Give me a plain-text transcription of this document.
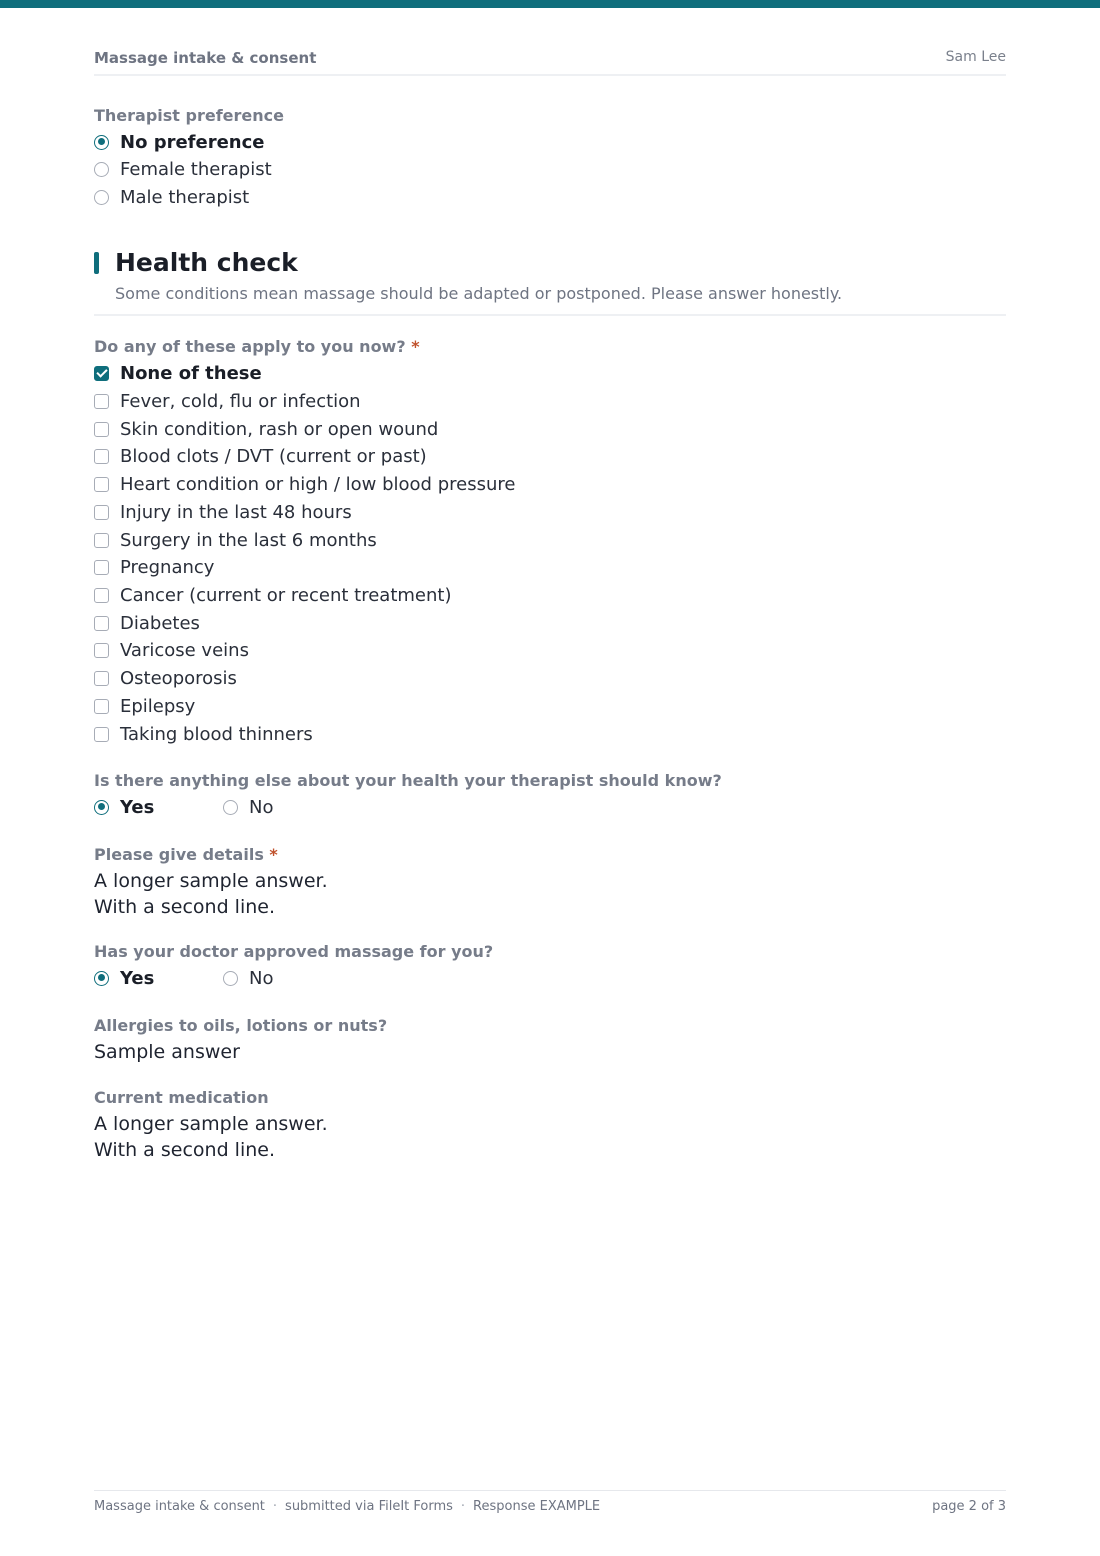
Massage intake & consent	Sam Lee
Therapist preference
No preference
Female therapist
Male therapist
Health check
Some conditions mean massage should be adapted or postponed. Please answer honestly.
Do any of these apply to you now? *
None of these
Fever, cold, flu or infection
Skin condition, rash or open wound
Blood clots / DVT (current or past)
Heart condition or high / low blood pressure
Injury in the last 48 hours
Surgery in the last 6 months
Pregnancy
Cancer (current or recent treatment)
Diabetes
Varicose veins
Osteoporosis
Epilepsy
Taking blood thinners
Is there anything else about your health your therapist should know?
Yes	No
Please give details *
A longer sample answer.
With a second line.
Has your doctor approved massage for you?
Yes	No
Allergies to oils, lotions or nuts?
Sample answer
Current medication
A longer sample answer.
With a second line.
Massage intake & consent · submitted via FileIt Forms · Response EXAMPLE	page 2 of 3
